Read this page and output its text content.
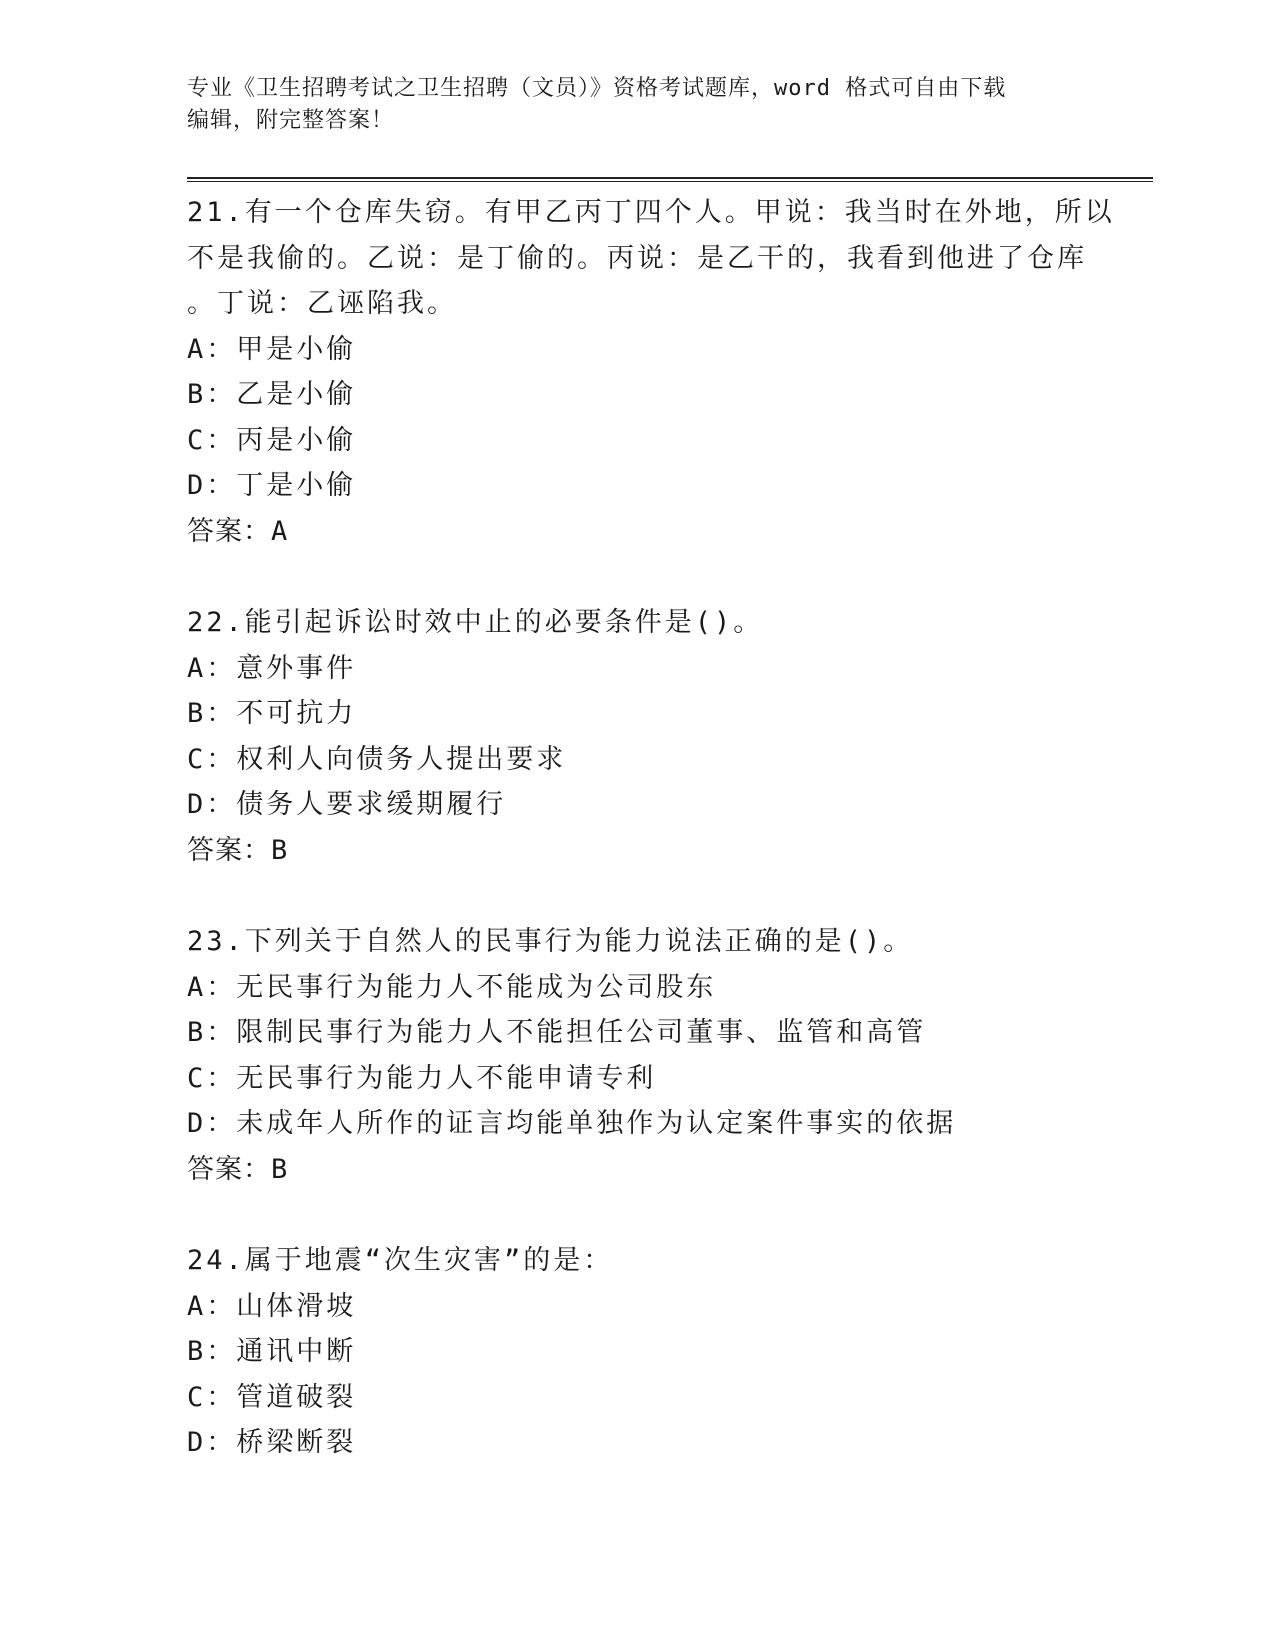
专业《卫生招聘考试之卫生招聘（文员）》资格考试题库，word 格式可自由下载
编辑，附完整答案！
21.有一个仓库失窃。有甲乙丙丁四个人。甲说：我当时在外地，所以
不是我偷的。乙说：是丁偷的。丙说：是乙干的，我看到他进了仓库
。丁说：乙诬陷我。
A：甲是小偷
B：乙是小偷
C：丙是小偷
D：丁是小偷
答案：A
22.能引起诉讼时效中止的必要条件是()。
A：意外事件
B：不可抗力
C：权利人向债务人提出要求
D：债务人要求缓期履行
答案：B
23.下列关于自然人的民事行为能力说法正确的是()。
A：无民事行为能力人不能成为公司股东
B：限制民事行为能力人不能担任公司董事、监管和高管
C：无民事行为能力人不能申请专利
D：未成年人所作的证言均能单独作为认定案件事实的依据
答案：B
24.属于地震“次生灾害”的是：
A：山体滑坡
B：通讯中断
C：管道破裂
D：桥梁断裂
